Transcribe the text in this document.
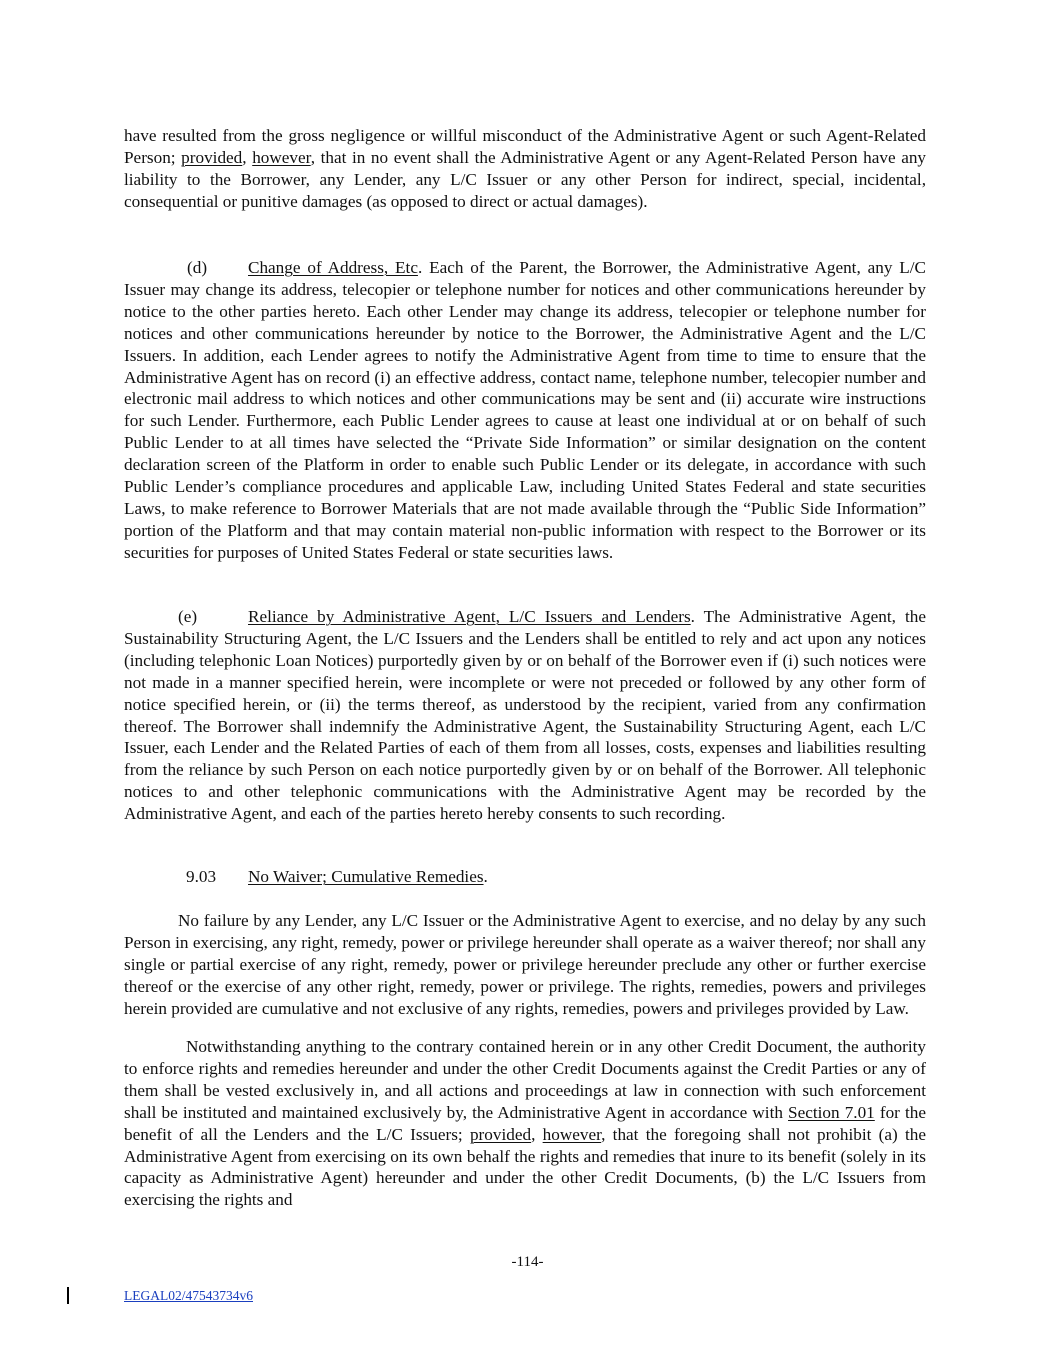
have resulted from the gross negligence or willful misconduct of the Administrative Agent or such Agent-Related Person; provided, however, that in no event shall the Administrative Agent or any Agent-Related Person have any liability to the Borrower, any Lender, any L/C Issuer or any other Person for indirect, special, incidental, consequential or punitive damages (as opposed to direct or actual damages).

(d) Change of Address, Etc. Each of the Parent, the Borrower, the Administrative Agent, any L/C Issuer may change its address, telecopier or telephone number for notices and other communications hereunder by notice to the other parties hereto. Each other Lender may change its address, telecopier or telephone number for notices and other communications hereunder by notice to the Borrower, the Administrative Agent and the L/C Issuers. In addition, each Lender agrees to notify the Administrative Agent from time to time to ensure that the Administrative Agent has on record (i) an effective address, contact name, telephone number, telecopier number and electronic mail address to which notices and other communications may be sent and (ii) accurate wire instructions for such Lender. Furthermore, each Public Lender agrees to cause at least one individual at or on behalf of such Public Lender to at all times have selected the “Private Side Information” or similar designation on the content declaration screen of the Platform in order to enable such Public Lender or its delegate, in accordance with such Public Lender’s compliance procedures and applicable Law, including United States Federal and state securities Laws, to make reference to Borrower Materials that are not made available through the “Public Side Information” portion of the Platform and that may contain material non-public information with respect to the Borrower or its securities for purposes of United States Federal or state securities laws.

(e)	Reliance by Administrative Agent, L/C Issuers and Lenders. The Administrative Agent, the Sustainability Structuring Agent, the L/C Issuers and the Lenders shall be entitled to rely and act upon any notices (including telephonic Loan Notices) purportedly given by or on behalf of the Borrower even if (i) such notices were not made in a manner specified herein, were incomplete or were not preceded or followed by any other form of notice specified herein, or (ii) the terms thereof, as understood by the recipient, varied from any confirmation thereof. The Borrower shall indemnify the Administrative Agent, the Sustainability Structuring Agent, each L/C Issuer, each Lender and the Related Parties of each of them from all losses, costs, expenses and liabilities resulting from the reliance by such Person on each notice purportedly given by or on behalf of the Borrower. All telephonic notices to and other telephonic communications with the Administrative Agent may be recorded by the Administrative Agent, and each of the parties hereto hereby consents to such recording.

9.03 No Waiver; Cumulative Remedies.

No failure by any Lender, any L/C Issuer or the Administrative Agent to exercise, and no delay by any such Person in exercising, any right, remedy, power or privilege hereunder shall operate as a waiver thereof; nor shall any single or partial exercise of any right, remedy, power or privilege hereunder preclude any other or further exercise thereof or the exercise of any other right, remedy, power or privilege. The rights, remedies, powers and privileges herein provided are cumulative and not exclusive of any rights, remedies, powers and privileges provided by Law.

Notwithstanding anything to the contrary contained herein or in any other Credit Document, the authority to enforce rights and remedies hereunder and under the other Credit Documents against the Credit Parties or any of them shall be vested exclusively in, and all actions and proceedings at law in connection with such enforcement shall be instituted and maintained exclusively by, the Administrative Agent in accordance with Section 7.01 for the benefit of all the Lenders and the L/C Issuers; provided, however, that the foregoing shall not prohibit (a) the Administrative Agent from exercising on its own behalf the rights and remedies that inure to its benefit (solely in its capacity as Administrative Agent) hereunder and under the other Credit Documents, (b) the L/C Issuers from exercising the rights and

-114-
LEGAL02/47543734v6
